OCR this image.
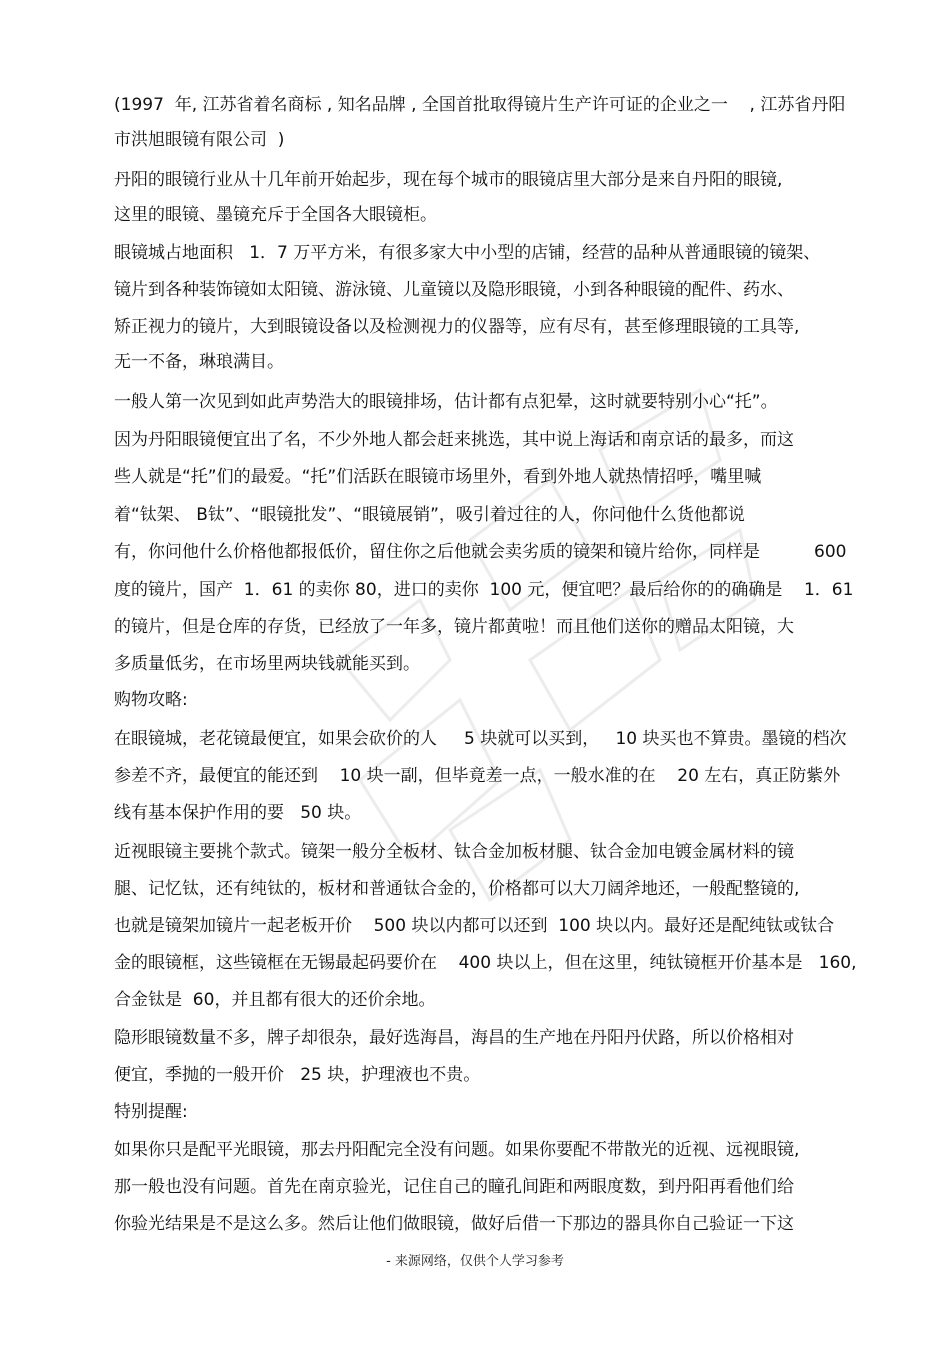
(1997  年, 江苏省着名商标 , 知名品牌 , 全国首批取得镜片生产许可证的企业之一    , 江苏省丹阳
市洪旭眼镜有限公司  )
丹阳的眼镜行业从十几年前开始起步，现在每个城市的眼镜店里大部分是来自丹阳的眼镜,
这里的眼镜、墨镜充斥于全国各大眼镜柜。
眼镜城占地面积   1．7 万平方米，有很多家大中小型的店铺，经营的品种从普通眼镜的镜架、
镜片到各种装饰镜如太阳镜、游泳镜、儿童镜以及隐形眼镜，小到各种眼镜的配件、药水、
矫正视力的镜片，大到眼镜设备以及检测视力的仪器等，应有尽有，甚至修理眼镜的工具等,
无一不备，琳琅满目。
一般人第一次见到如此声势浩大的眼镜排场，估计都有点犯晕，这时就要特别小心“托”。
因为丹阳眼镜便宜出了名，不少外地人都会赶来挑选，其中说上海话和南京话的最多，而这
些人就是“托”们的最爱。“托”们活跃在眼镜市场里外，看到外地人就热情招呼，嘴里喊
着“钛架、 B钛”、“眼镜批发”、“眼镜展销”，吸引着过往的人，你问他什么货他都说
有，你问他什么价格他都报低价，留住你之后他就会卖劣质的镜架和镜片给你，同样是          600
度的镜片，国产  1．61 的卖你 80，进口的卖你  100 元，便宜吧？最后给你的的确确是    1．61
的镜片，但是仓库的存货，已经放了一年多，镜片都黄啦！而且他们送你的赠品太阳镜，大
多质量低劣，在市场里两块钱就能买到。
购物攻略:
在眼镜城，老花镜最便宜，如果会砍价的人     5 块就可以买到，   10 块买也不算贵。墨镜的档次
参差不齐，最便宜的能还到    10 块一副，但毕竟差一点，一般水准的在    20 左右，真正防紫外
线有基本保护作用的要   50 块。
近视眼镜主要挑个款式。镜架一般分全板材、钛合金加板材腿、钛合金加电镀金属材料的镜
腿、记忆钛，还有纯钛的，板材和普通钛合金的，价格都可以大刀阔斧地还，一般配整镜的,
也就是镜架加镜片一起老板开价    500 块以内都可以还到  100 块以内。最好还是配纯钛或钛合
金的眼镜框，这些镜框在无锡最起码要价在    400 块以上，但在这里，纯钛镜框开价基本是   160,
合金钛是  60，并且都有很大的还价余地。
隐形眼镜数量不多，牌子却很杂，最好选海昌，海昌的生产地在丹阳丹伏路，所以价格相对
便宜，季抛的一般开价   25 块，护理液也不贵。
特别提醒:
如果你只是配平光眼镜，那去丹阳配完全没有问题。如果你要配不带散光的近视、远视眼镜,
那一般也没有问题。首先在南京验光，记住自己的瞳孔间距和两眼度数，到丹阳再看他们给
你验光结果是不是这么多。然后让他们做眼镜，做好后借一下那边的器具你自己验证一下这
- 来源网络，仅供个人学习参考
